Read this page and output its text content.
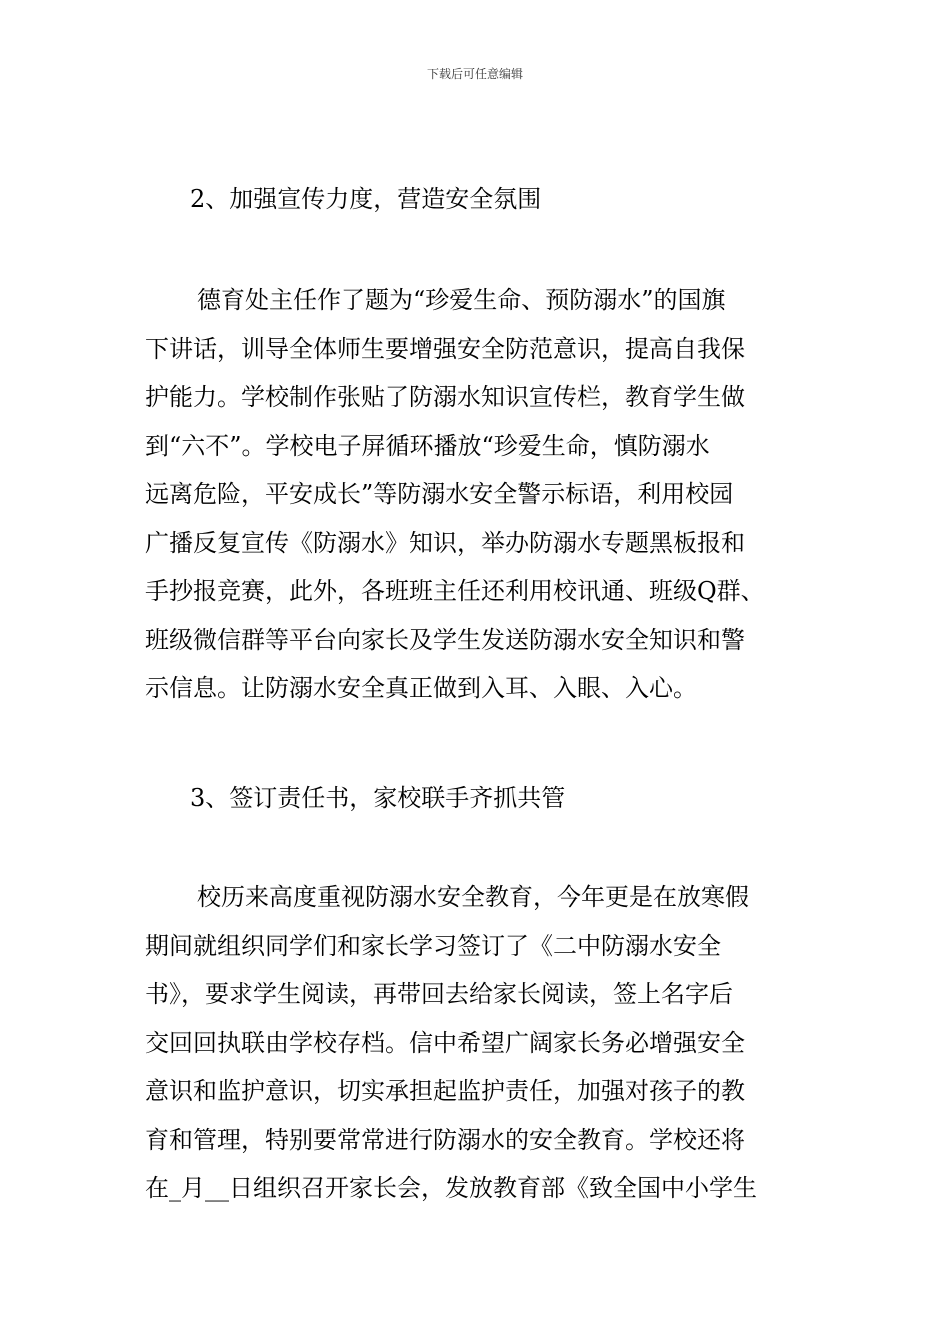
下载后可任意编辑
2、加强宣传力度，营造安全氛围
德育处主任作了题为“珍爱生命、预防溺水”的国旗
下讲话，训导全体师生要增强安全防范意识，提高自我保
护能力。学校制作张贴了防溺水知识宣传栏，教育学生做
到“六不”。学校电子屏循环播放“珍爱生命，慎防溺水
远离危险，平安成长”等防溺水安全警示标语，利用校园
广播反复宣传《防溺水》知识，举办防溺水专题黑板报和
手抄报竞赛，此外，各班班主任还利用校讯通、班级Q群、
班级微信群等平台向家长及学生发送防溺水安全知识和警
示信息。让防溺水安全真正做到入耳、入眼、入心。
3、签订责任书，家校联手齐抓共管
校历来高度重视防溺水安全教育，今年更是在放寒假
期间就组织同学们和家长学习签订了《二中防溺水安全
书》，要求学生阅读，再带回去给家长阅读，签上名字后
交回回执联由学校存档。信中希望广阔家长务必增强安全
意识和监护意识，切实承担起监护责任，加强对孩子的教
育和管理，特别要常常进行防溺水的安全教育。学校还将
在_月__日组织召开家长会，发放教育部《致全国中小学生
